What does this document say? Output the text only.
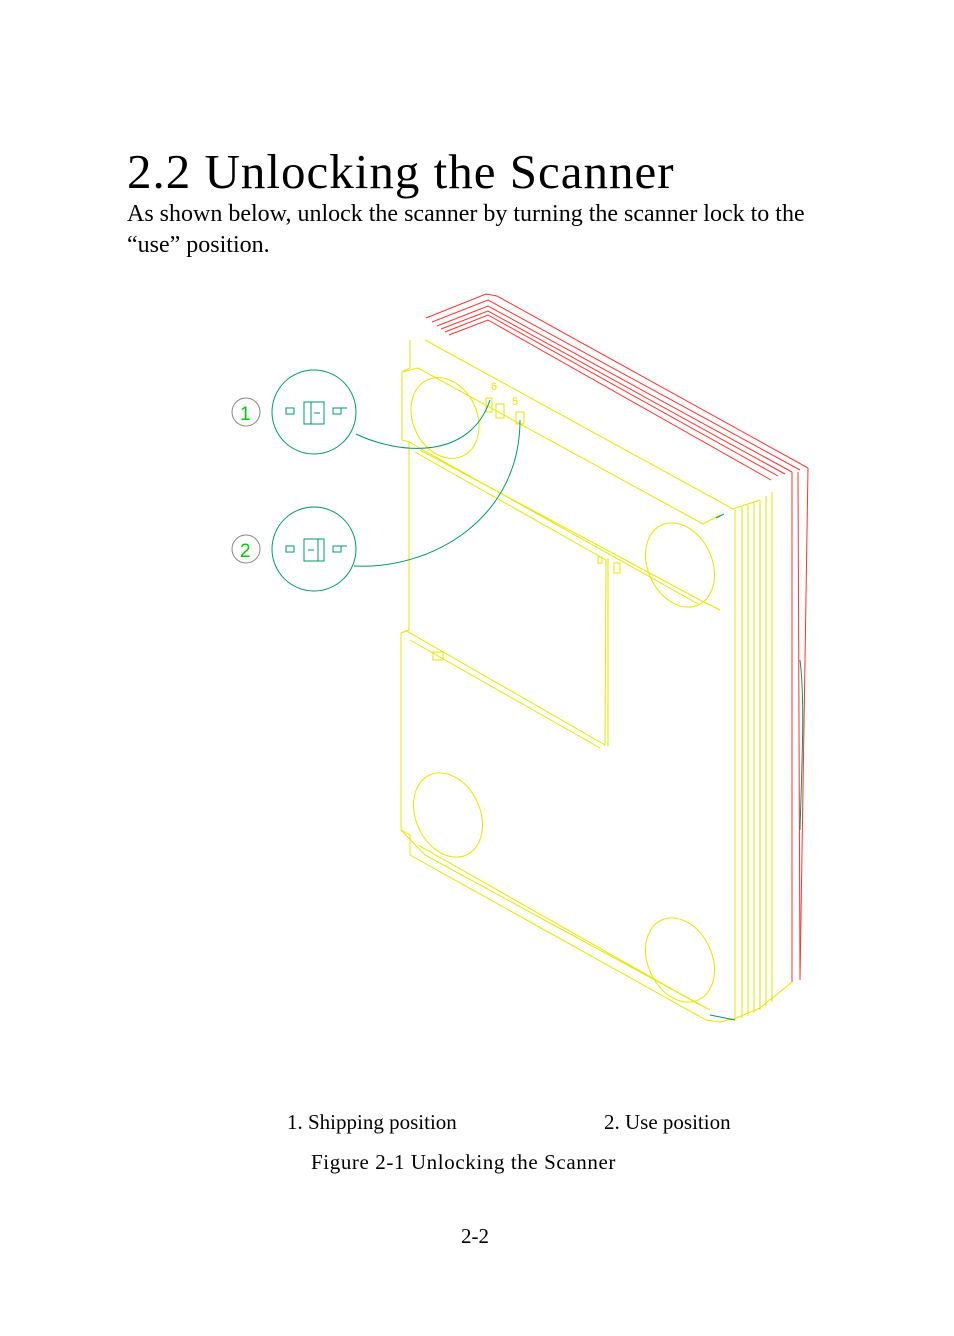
2.2 Unlocking the Scanner

As shown below, unlock the scanner by turning the scanner lock to the “use” position.

6
5
1
2
1. Shipping position	2. Use position
Figure 2-1 Unlocking the Scanner
2-2
